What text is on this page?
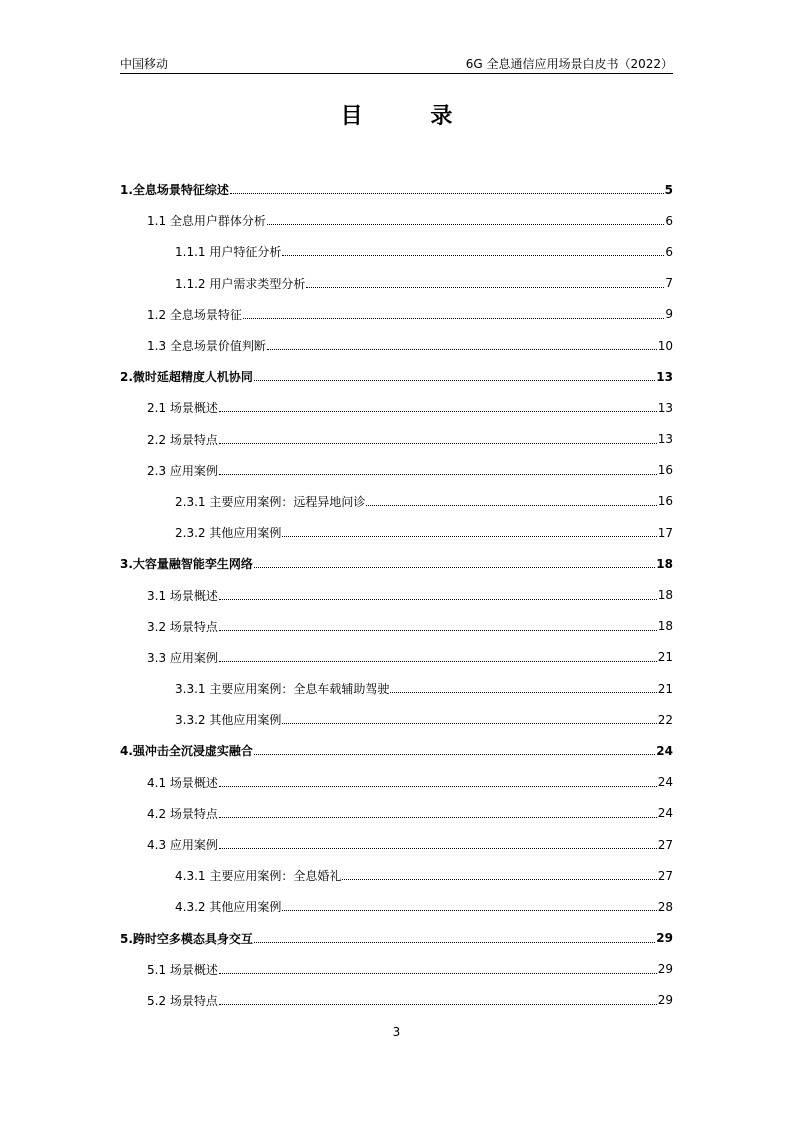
中国移动	6G 全息通信应用场景白皮书（2022）
目 录
1.全息场景特征综述	5
1.1 全息用户群体分析	6
1.1.1 用户特征分析	6
1.1.2 用户需求类型分析	7
1.2 全息场景特征	9
1.3 全息场景价值判断	10
2.微时延超精度人机协同	13
2.1 场景概述	13
2.2 场景特点	13
2.3 应用案例	16
2.3.1 主要应用案例：远程异地问诊	16
2.3.2 其他应用案例	17
3.大容量融智能孪生网络	18
3.1 场景概述	18
3.2 场景特点	18
3.3 应用案例	21
3.3.1 主要应用案例：全息车载辅助驾驶	21
3.3.2 其他应用案例	22
4.强冲击全沉浸虚实融合	24
4.1 场景概述	24
4.2 场景特点	24
4.3 应用案例	27
4.3.1 主要应用案例：全息婚礼	27
4.3.2 其他应用案例	28
5.跨时空多模态具身交互	29
5.1 场景概述	29
5.2 场景特点	29
3
